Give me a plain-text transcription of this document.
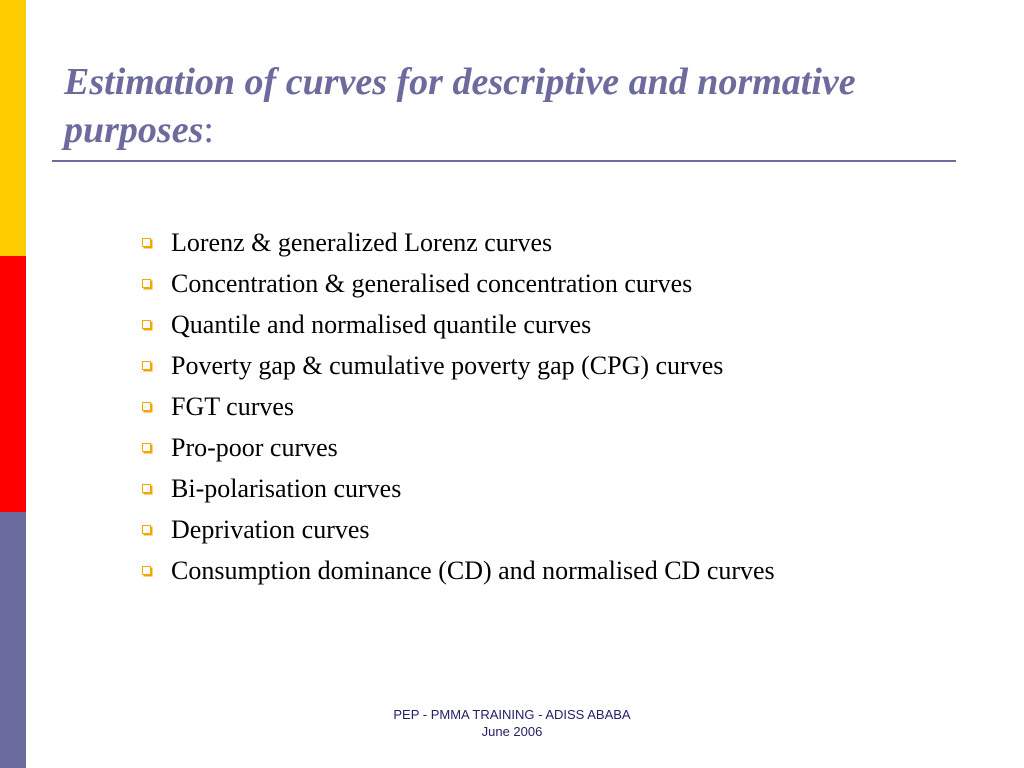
Estimation of curves for descriptive and normative purposes:
Lorenz & generalized Lorenz curves
Concentration & generalised concentration curves
Quantile and normalised quantile curves
Poverty gap & cumulative poverty gap (CPG) curves
FGT curves
Pro-poor curves
Bi-polarisation curves
Deprivation curves
Consumption dominance (CD) and normalised CD curves
PEP - PMMA TRAINING - ADISS ABABA
June 2006
